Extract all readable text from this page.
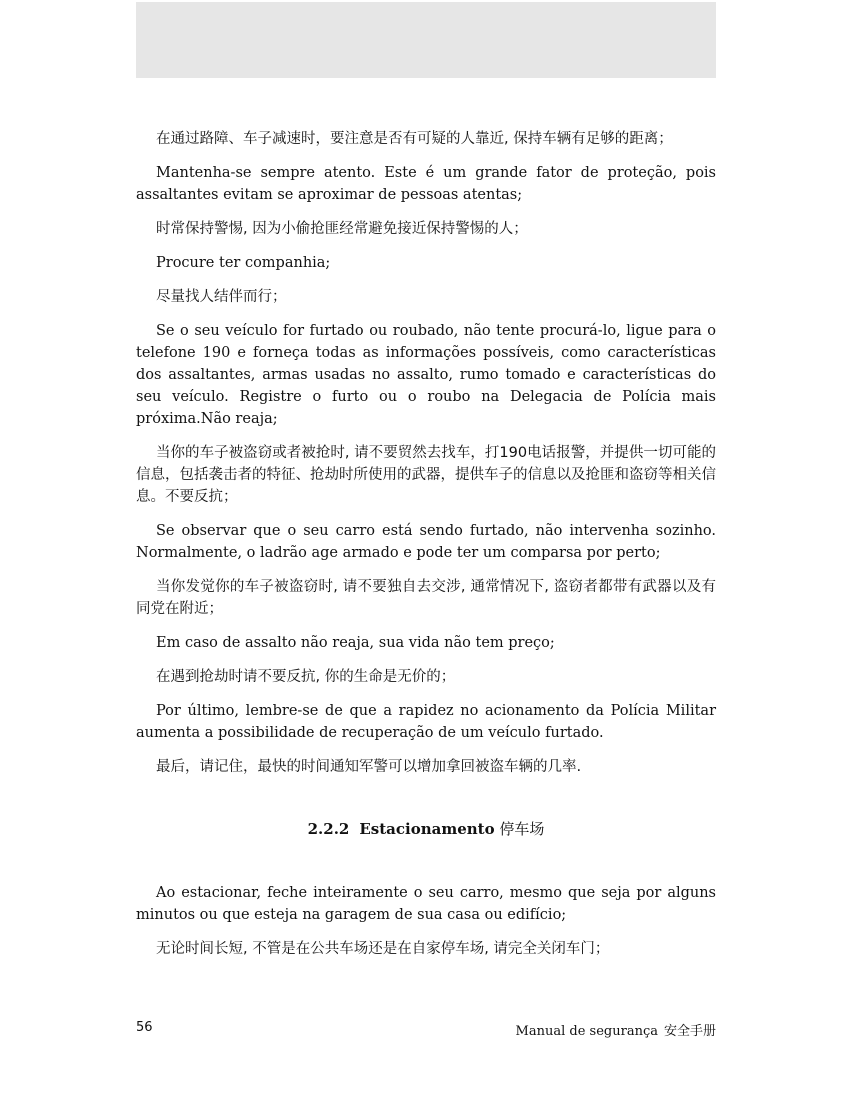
在通过路障、车子减速时，要注意是否有可疑的人靠近, 保持车辆有足够的距离；

Mantenha-se sempre atento. Este é um grande fator de proteção, pois assaltantes evitam se aproximar de pessoas atentas;

时常保持警惕, 因为小偷抢匪经常避免接近保持警惕的人；

Procure ter companhia;

尽量找人结伴而行；

Se o seu veículo for furtado ou roubado, não tente procurá-lo, ligue para o telefone 190 e forneça todas as informações possíveis, como características dos assaltantes, armas usadas no assalto, rumo tomado e características do seu veículo. Registre o furto ou o roubo na Delegacia de Polícia mais próxima.Não reaja;

当你的车子被盗窃或者被抢时, 请不要贸然去找车，打190电话报警，并提供一切可能的信息，包括袭击者的特征、抢劫时所使用的武器，提供车子的信息以及抢匪和盗窃等相关信息。不要反抗；

Se observar que o seu carro está sendo furtado, não intervenha sozinho. Normalmente, o ladrão age armado e pode ter um comparsa por perto;

当你发觉你的车子被盗窃时, 请不要独自去交涉, 通常情况下, 盗窃者都带有武器以及有同党在附近；

Em caso de assalto não reaja, sua vida não tem preço;

在遇到抢劫时请不要反抗, 你的生命是无价的；

Por último, lembre-se de que a rapidez no acionamento da Polícia Militar aumenta a possibilidade de recuperação de um veículo furtado.

最后，请记住，最快的时间通知军警可以增加拿回被盗车辆的几率.

2.2.2 Estacionamento 停车场

Ao estacionar, feche inteiramente o seu carro, mesmo que seja por alguns minutos ou que esteja na garagem de sua casa ou edifício;

无论时间长短, 不管是在公共车场还是在自家停车场, 请完全关闭车门；

56	Manual de segurança 安全手册
